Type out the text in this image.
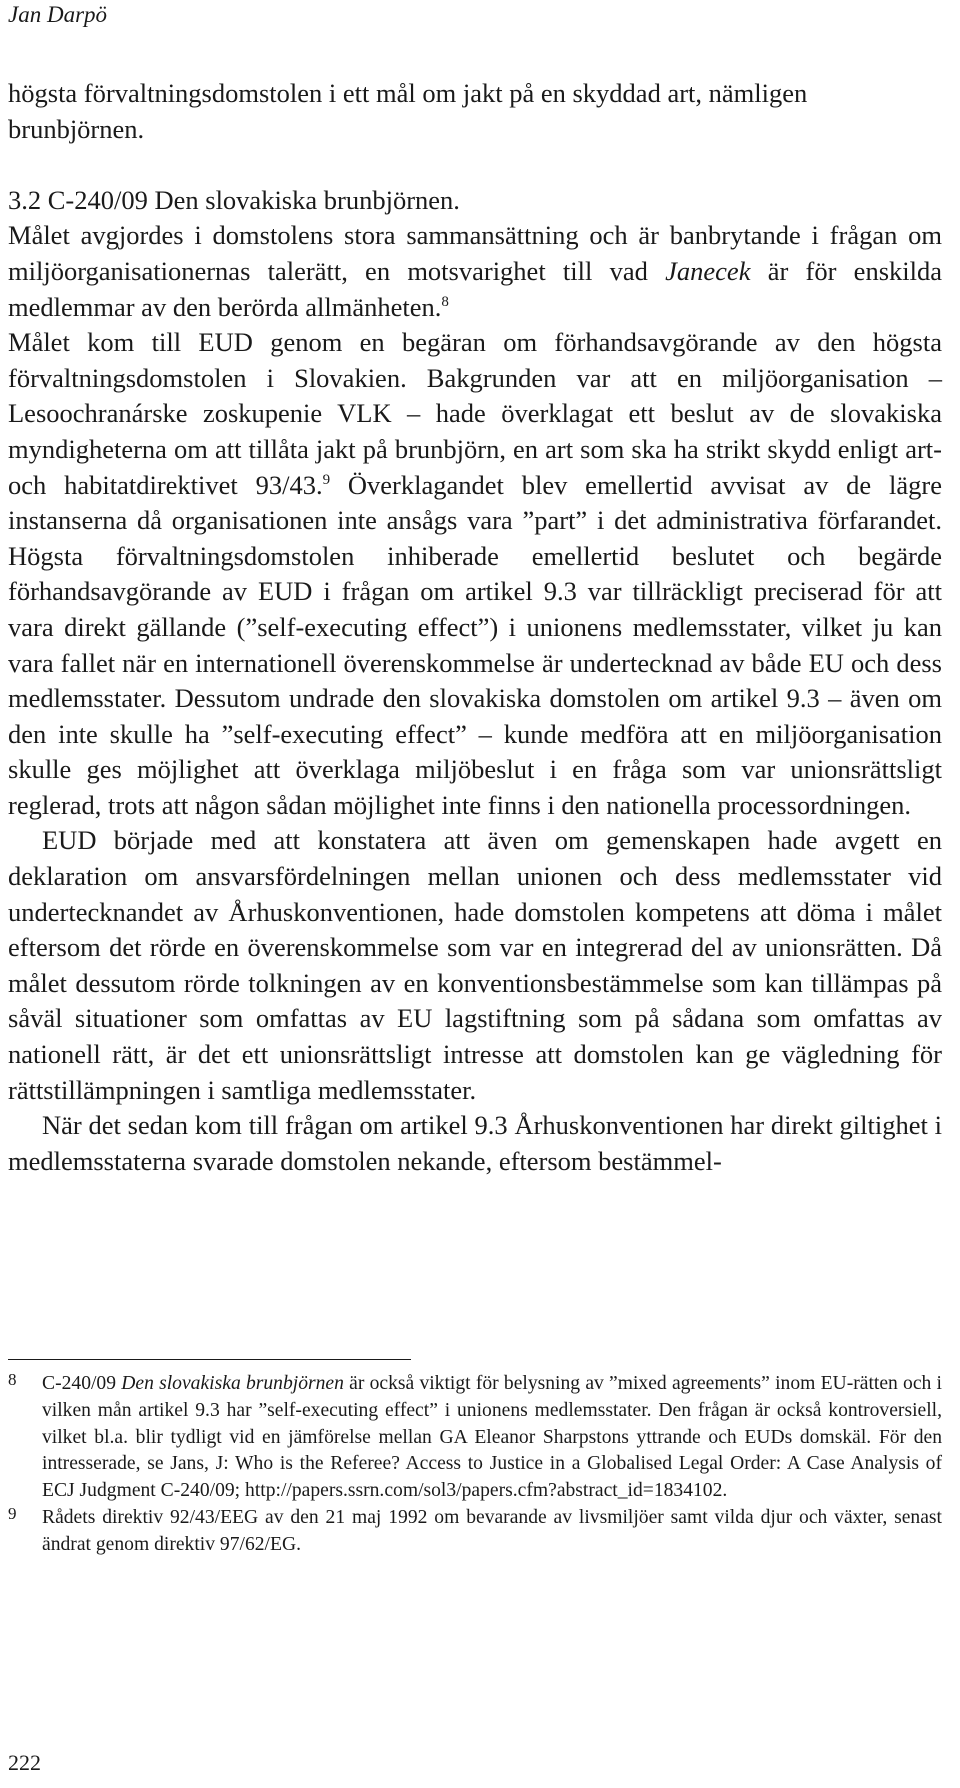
Jan Darpö

högsta förvaltningsdomstolen i ett mål om jakt på en skyddad art, nämligen brunbjörnen.

3.2 C-240/09 Den slovakiska brunbjörnen.

Målet avgjordes i domstolens stora sammansättning och är banbrytande i frågan om miljöorganisationernas talerätt, en motsvarighet till vad Janecek är för enskilda medlemmar av den berörda allmänheten.$^8$

Målet kom till EUD genom en begäran om förhandsavgörande av den högsta förvaltningsdomstolen i Slovakien. Bakgrunden var att en miljöorganisation – Lesoochranárske zoskupenie VLK – hade överklagat ett beslut av de slovakiska myndigheterna om att tillåta jakt på brunbjörn, en art som ska ha strikt skydd enligt art- och habitatdirektivet 93/43.$^9$ Överklagandet blev emellertid avvisat av de lägre instanserna då organisationen inte ansågs vara ”part” i det administrativa förfarandet. Högsta förvaltningsdomstolen inhiberade emellertid beslutet och begärde förhandsavgörande av EUD i frågan om artikel 9.3 var tillräckligt preciserad för att vara direkt gällande (”self-executing effect”) i unionens medlemsstater, vilket ju kan vara fallet när en internationell överenskommelse är undertecknad av både EU och dess medlemsstater. Dessutom undrade den slovakiska domstolen om artikel 9.3 – även om den inte skulle ha ”self-executing effect” – kunde medföra att en miljöorganisation skulle ges möjlighet att överklaga miljöbeslut i en fråga som var unionsrättsligt reglerad, trots att någon sådan möjlighet inte finns i den nationella processordningen.

EUD började med att konstatera att även om gemenskapen hade avgett en deklaration om ansvarsfördelningen mellan unionen och dess medlemsstater vid undertecknandet av Århuskonventionen, hade domstolen kompetens att döma i målet eftersom det rörde en överenskommelse som var en integrerad del av unionsrätten. Då målet dessutom rörde tolkningen av en konventionsbestämmelse som kan tillämpas på såväl situationer som omfattas av EU lagstiftning som på sådana som omfattas av nationell rätt, är det ett unionsrättsligt intresse att domstolen kan ge vägledning för rättstillämpningen i samtliga medlemsstater.

När det sedan kom till frågan om artikel 9.3 Århuskonventionen har direkt giltighet i medlemsstaterna svarade domstolen nekande, eftersom bestämmel-

8 C-240/09 Den slovakiska brunbjörnen är också viktigt för belysning av ”mixed agreements” inom EU-rätten och i vilken mån artikel 9.3 har ”self-executing effect” i unionens medlemsstater. Den frågan är också kontroversiell, vilket bl.a. blir tydligt vid en jämförelse mellan GA Eleanor Sharpstons yttrande och EUDs domskäl. För den intresserade, se Jans, J: Who is the Referee? Access to Justice in a Globalised Legal Order: A Case Analysis of ECJ Judgment C-240/09; http://papers.ssrn.com/sol3/papers.cfm?abstract_id=1834102.

9 Rådets direktiv 92/43/EEG av den 21 maj 1992 om bevarande av livsmiljöer samt vilda djur och växter, senast ändrat genom direktiv 97/62/EG.

222
